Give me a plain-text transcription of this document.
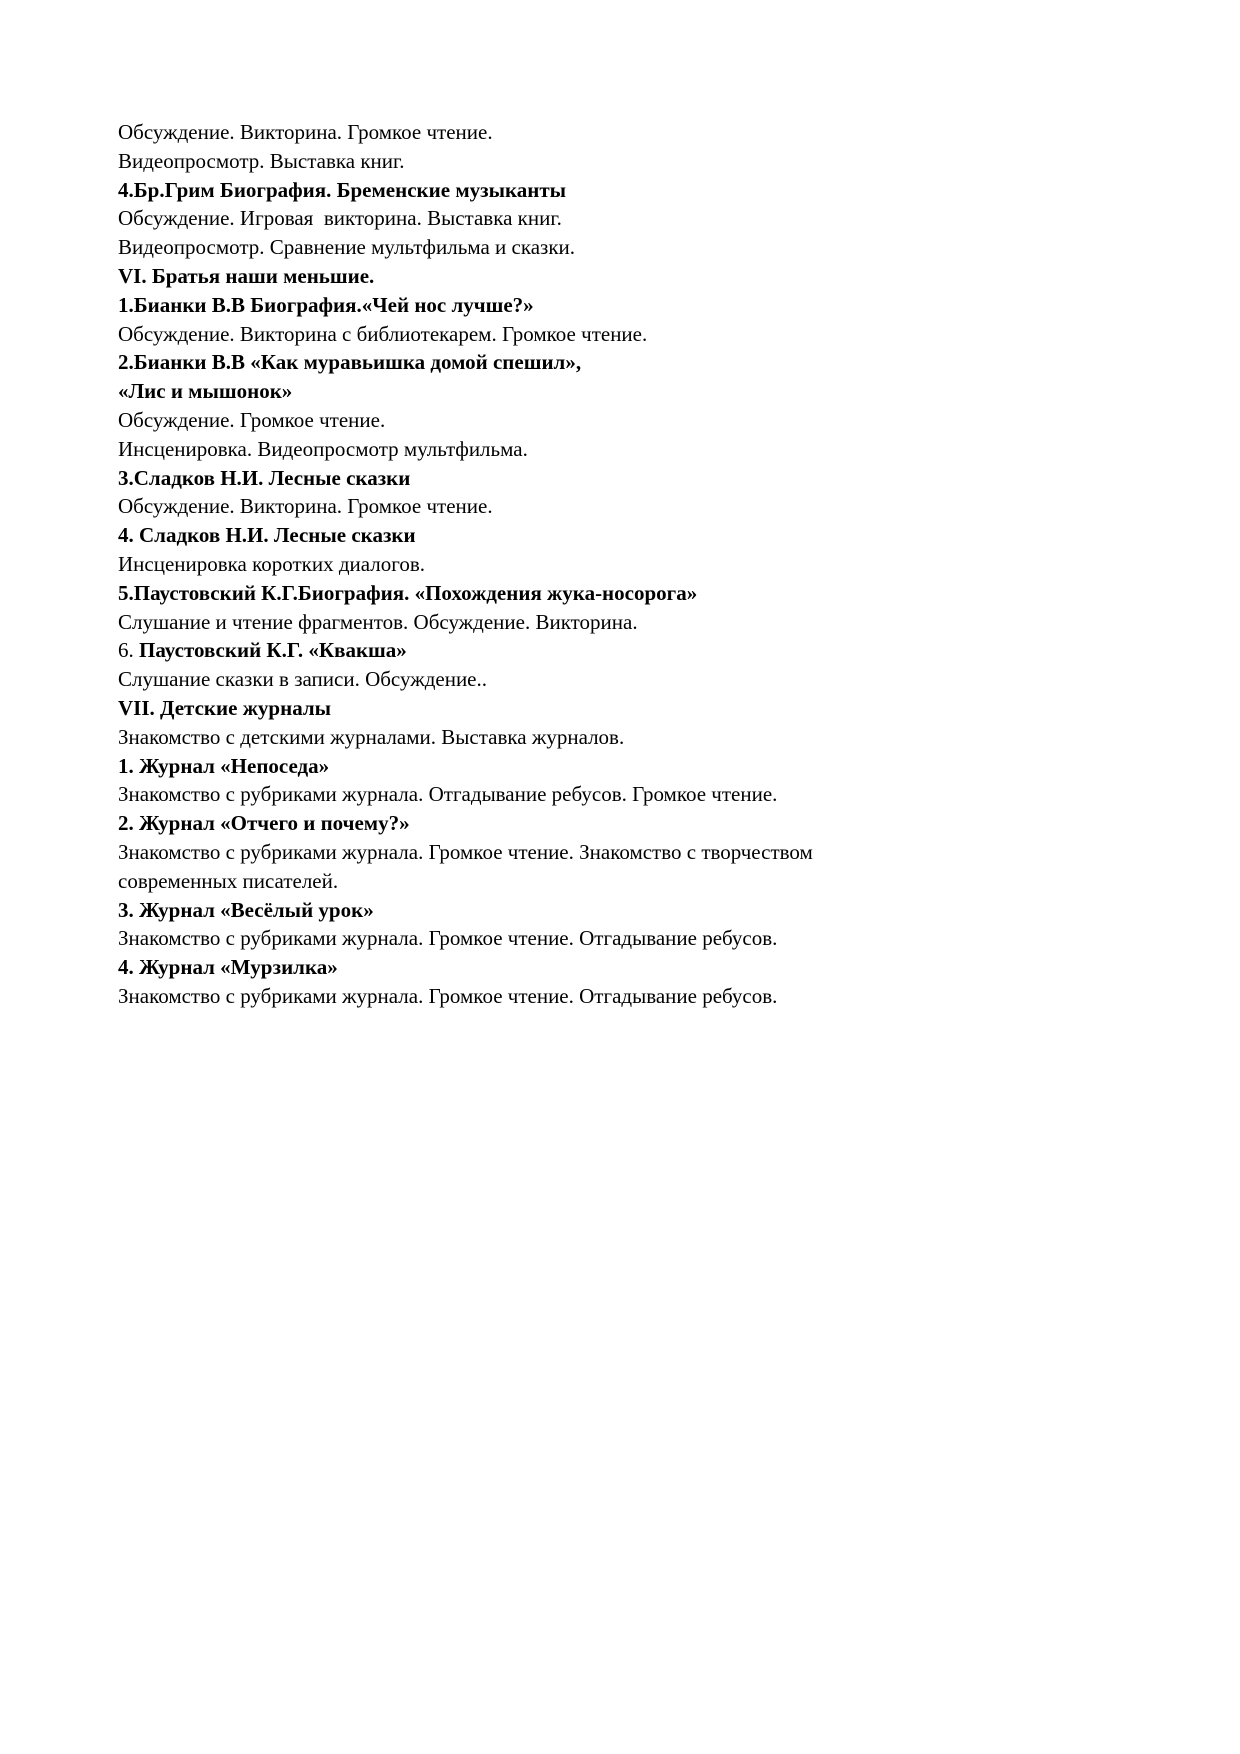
Обсуждение. Викторина. Громкое чтение.
Видеопросмотр. Выставка книг.
4.Бр.Грим Биография. Бременские музыканты
Обсуждение. Игровая  викторина. Выставка книг.
Видеопросмотр. Сравнение мультфильма и сказки.
VI. Братья наши меньшие.
1.Бианки В.В Биография.«Чей нос лучше?»
Обсуждение. Викторина с библиотекарем. Громкое чтение.
2.Бианки В.В «Как муравьишка домой спешил»,
«Лис и мышонок»
Обсуждение. Громкое чтение.
Инсценировка. Видеопросмотр мультфильма.
3.Сладков Н.И. Лесные сказки
Обсуждение. Викторина. Громкое чтение.
4. Сладков Н.И. Лесные сказки
Инсценировка коротких диалогов.
5.Паустовский К.Г.Биография. «Похождения жука-носорога»
Слушание и чтение фрагментов. Обсуждение. Викторина.
6. Паустовский К.Г. «Квакша»
Слушание сказки в записи. Обсуждение..
VII. Детские журналы
Знакомство с детскими журналами. Выставка журналов.
1. Журнал «Непоседа»
Знакомство с рубриками журнала. Отгадывание ребусов. Громкое чтение.
2. Журнал «Отчего и почему?»
Знакомство с рубриками журнала. Громкое чтение. Знакомство с творчеством
современных писателей.
3. Журнал «Весёлый урок»
Знакомство с рубриками журнала. Громкое чтение. Отгадывание ребусов.
4. Журнал «Мурзилка»
Знакомство с рубриками журнала. Громкое чтение. Отгадывание ребусов.
